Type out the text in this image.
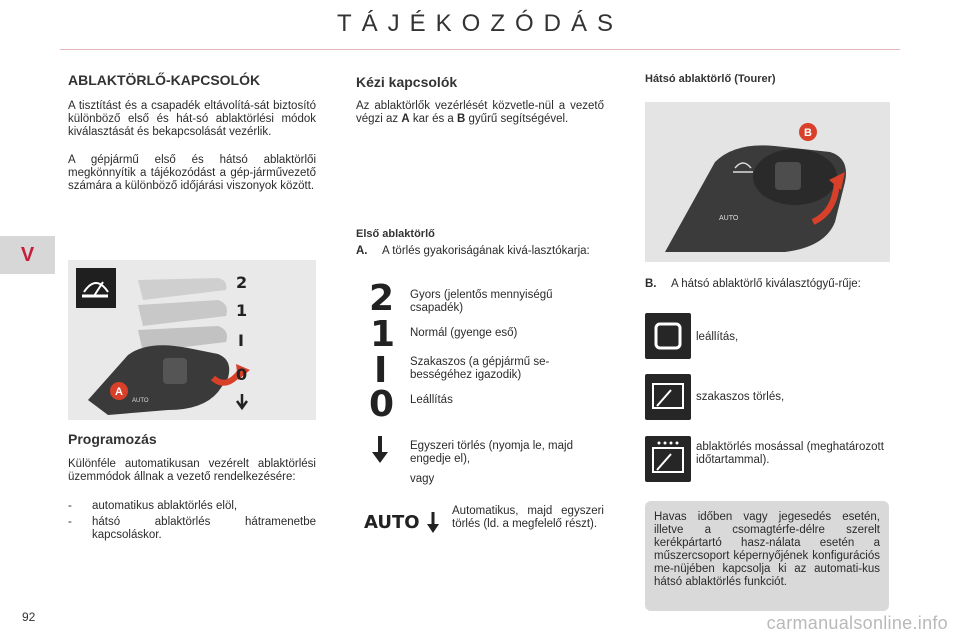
TÁJÉKOZÓDÁS
V
ABLAKTÖRLŐ-KAPCSOLÓK

A tisztítást és a csapadék eltávolítá-sát biztosító különböző első és hát-só ablaktörlési módok kiválasztását és bekapcsolását vezérlik.

A gépjármű első és hátsó ablaktörlői megkönnyítik a tájékozódást a gép-járművezető számára a különböző időjárási viszonyok között.

A
2
1
I
0
AUTO
Programozás

Különféle automatikusan vezérelt ablaktörlési üzemmódok állnak a vezető rendelkezésére:

- automatikus ablaktörlés elöl,
-	hátsó ablaktörlés hátramenetbe kapcsoláskor.
Kézi kapcsolók

Az ablaktörlők vezérlését közvetle-nül a vezető végzi az A kar és a B gyűrű segítségével.

Első ablaktörlő
A.	A törlés gyakoriságának kivá-lasztókarja:
2 Gyors (jelentős mennyiségű csapadék)
1 Normál (gyenge eső)
I Szakaszos (a gépjármű se-bességéhez igazodik)
0 Leállítás
Egyszeri törlés (nyomja le, majd engedje el),
vagy
AUTO

Automatikus, majd egyszeri törlés (ld. a megfelelő részt).

Hátsó ablaktörlő (Tourer)
B
AUTO
B.	A hátsó ablaktörlő kiválasztógyű-rűje:
leállítás,
szakaszos törlés,
ablaktörlés mosással (meghatározott időtartammal).

Havas időben vagy jegesedés esetén, illetve a csomagtérfe-délre szerelt kerékpártartó hasz-nálata esetén a műszercsoport képernyőjének konfigurációs me-nüjében kapcsolja ki az automati-kus hátsó ablaktörlés funkciót.

92	carmanualsonline.info
